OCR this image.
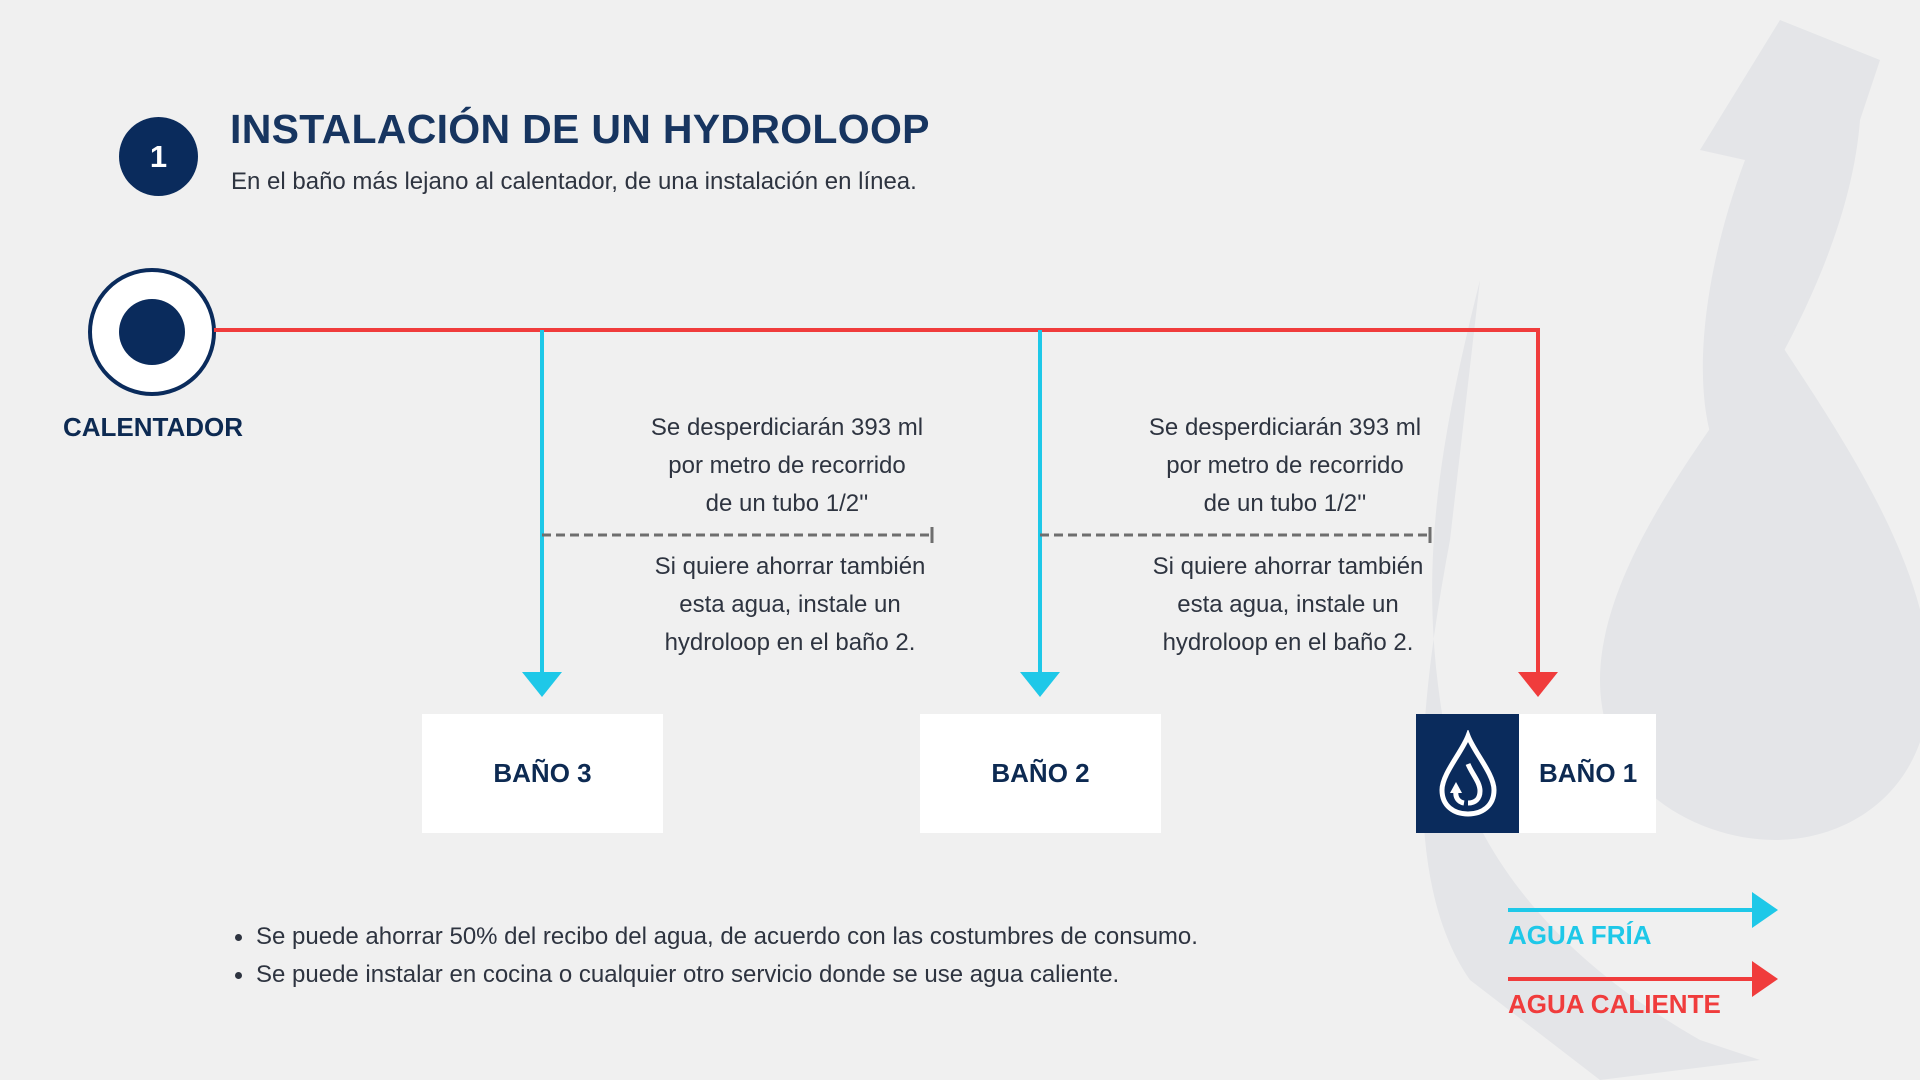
1
INSTALACIÓN DE UN HYDROLOOP

En el baño más lejano al calentador, de una instalación en línea.

CALENTADOR	Se desperdiciarán 393 ml
por metro de recorrido
de un tubo 1/2''
Si quiere ahorrar también
esta agua, instale un
hydroloop en el baño 2.
Se desperdiciarán 393 ml
por metro de recorrido
de un tubo 1/2''
Si quiere ahorrar también
esta agua, instale un
hydroloop en el baño 2.
BAÑO 3	BAÑO 2	BAÑO 1
Se puede ahorrar 50% del recibo del agua, de acuerdo con las costumbres de consumo.
Se puede instalar en cocina o cualquier otro servicio donde se use agua caliente.
AGUA FRÍA
AGUA CALIENTE
